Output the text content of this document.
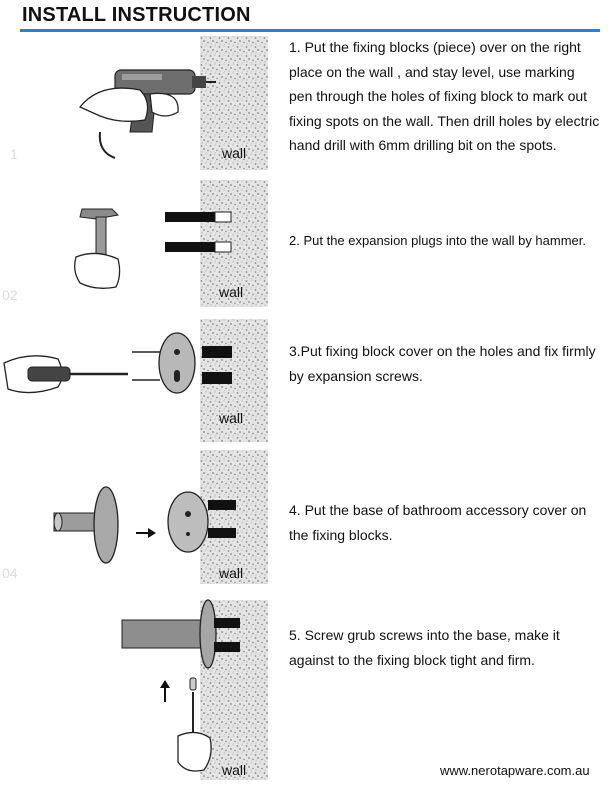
INSTALL INSTRUCTION
1
02
04
wall
1. Put the fixing blocks (piece) over on the right place on the wall , and stay level, use marking pen through the holes of fixing block to mark out fixing spots on the wall. Then drill holes by electric hand drill with 6mm drilling bit on the spots.
wall
2. Put the expansion plugs into the wall by hammer.
wall
3.Put fixing block cover on the holes and fix firmly by expansion screws.
wall
4. Put the base of bathroom accessory cover on the fixing blocks.
wall
5. Screw grub screws into the base, make it against to the fixing block tight and firm.
www.nerotapware.com.au
